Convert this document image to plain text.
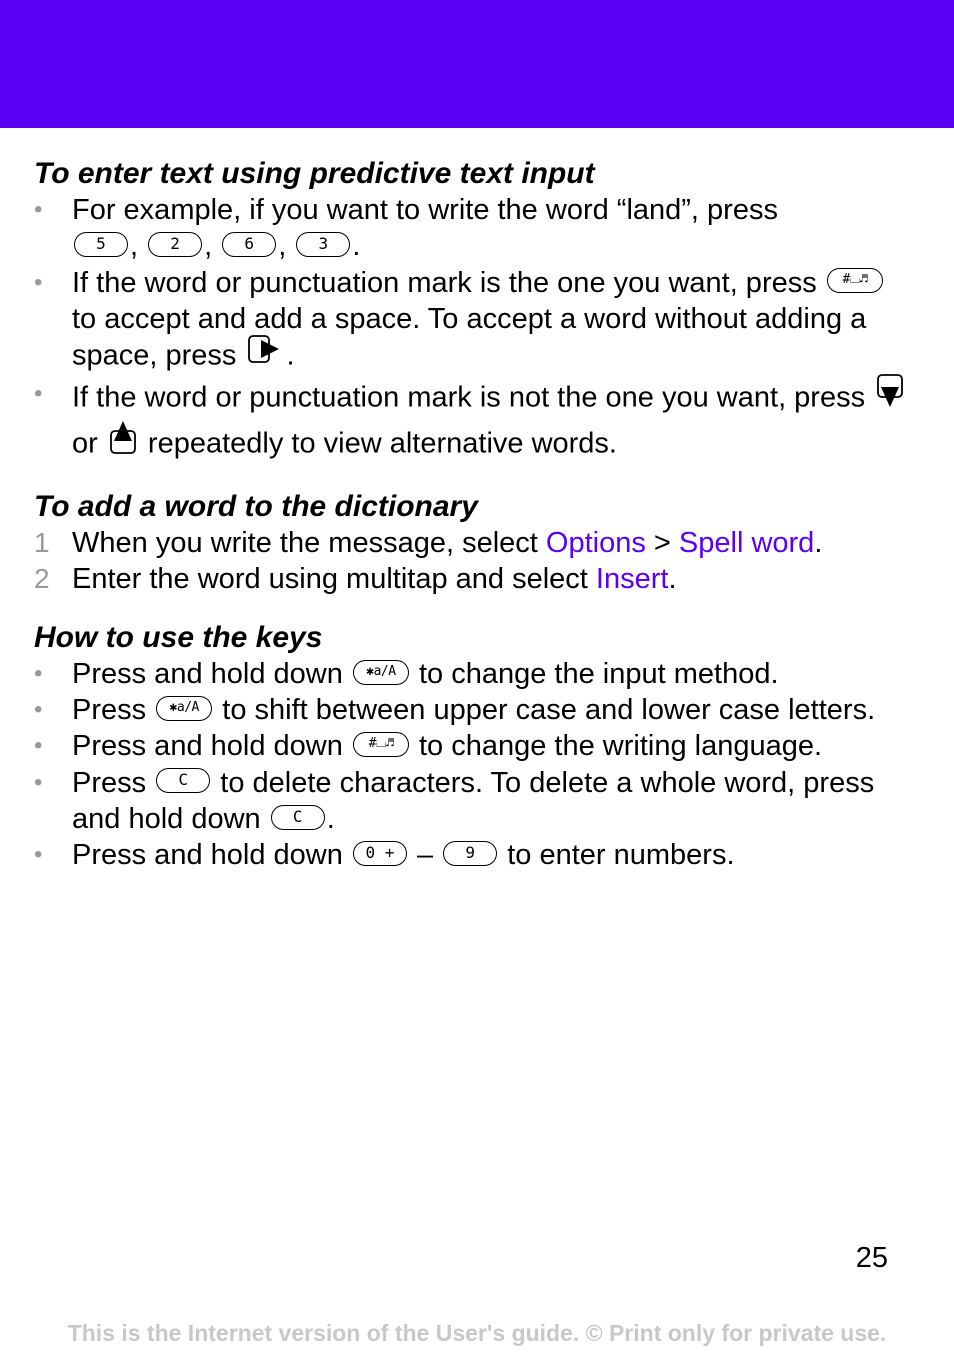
To enter text using predictive text input
• For example, if you want to write the word “land”, press
5 , 2 , 6 , 3 .
• If the word or punctuation mark is the one you want, press #⌴♬ to accept and add a space. To accept a word without adding a space, press .
• If the word or punctuation mark is not the one you want, press  or repeatedly to view alternative words.
To add a word to the dictionary
1 When you write the message, select Options > Spell word.
2 Enter the word using multitap and select Insert.
How to use the keys
• Press and hold down ✱a/A to change the input method.
• Press ✱a/A to shift between upper case and lower case letters.
• Press and hold down #⌴♬ to change the writing language.
• Press C to delete characters. To delete a whole word, press and hold down C .
• Press and hold down 0 + – 9 to enter numbers.
25
This is the Internet version of the User's guide. © Print only for private use.
